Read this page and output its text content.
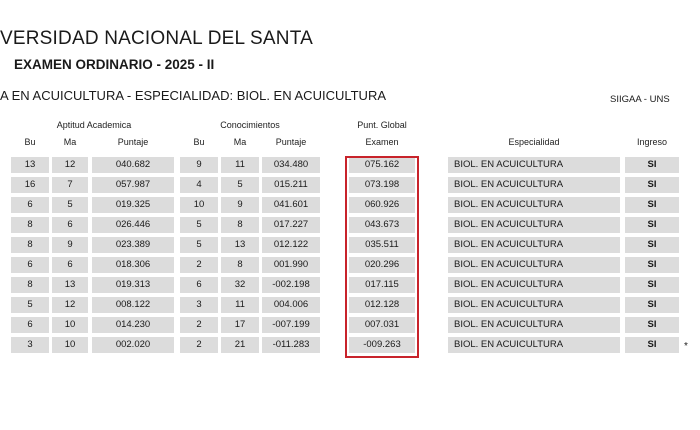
VERSIDAD NACIONAL DEL SANTA
EXAMEN ORDINARIO - 2025 - II
A EN ACUICULTURA - ESPECIALIDAD: BIOL. EN ACUICULTURA	SIIGAA - UNS
Aptitud Academica	Conocimientos	Punt. Global
Bu	Ma	Puntaje	Bu	Ma	Puntaje	Examen	Especialidad	Ingreso
13	12	040.682	9	11	034.480	075.162	BIOL. EN ACUICULTURA	SI
16	7	057.987	4	5	015.211	073.198	BIOL. EN ACUICULTURA	SI
6	5	019.325	10	9	041.601	060.926	BIOL. EN ACUICULTURA	SI
8	6	026.446	5	8	017.227	043.673	BIOL. EN ACUICULTURA	SI
8	9	023.389	5	13	012.122	035.511	BIOL. EN ACUICULTURA	SI
6	6	018.306	2	8	001.990	020.296	BIOL. EN ACUICULTURA	SI
8	13	019.313	6	32	-002.198	017.115	BIOL. EN ACUICULTURA	SI
5	12	008.122	3	11	004.006	012.128	BIOL. EN ACUICULTURA	SI
6	10	014.230	2	17	-007.199	007.031	BIOL. EN ACUICULTURA	SI
3	10	002.020	2	21	-011.283	-009.263	BIOL. EN ACUICULTURA	SI	*
